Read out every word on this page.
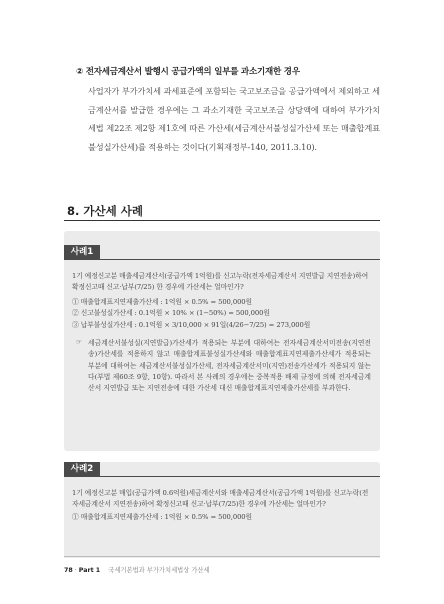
② 전자세금계산서 발행시 공급가액의 일부를 과소기재한 경우
사업자가 부가가치세 과세표준에 포함되는 국고보조금을 공급가액에서 제외하고 세금계산서를 발급한 경우에는 그 과소기재한 국고보조금 상당액에 대하여 부가가치세법 제22조 제2항 제1호에 따른 가산세(세금계산서불성실가산세 또는 매출합계표불성실가산세)를 적용하는 것이다(기획재정부-140, 2011.3.10).
8. 가산세 사례
사례1
1기 예정신고분 매출세금계산서(공급가액 1억원)를 신고누락(전자세금계산서 지연발급 지연전송)하여 확정신고때 신고·납부(7/25) 한 경우에 가산세는 얼마인가?
① 매출합계표지연제출가산세 : 1억원 × 0.5% = 500,000원
② 신고불성실가산세 : 0.1억원 × 10% × (1−50%) = 500,000원
③ 납부불성실가산세 : 0.1억원 × 3/10,000 × 91일(4/26−7/25) = 273,000원
☞ 세금계산서불성실(지연발급)가산세가 적용되는 부분에 대하여는 전자세금계산서미전송(지연전송)가산세를 적용하지 않고 매출합계표불성실가산세와 매출합계표지연제출가산세가 적용되는 부분에 대하여는 세금계산서불성실가산세, 전자세금계산서미(지연)전송가산세가 적용되지 않는다(부법 제60조 9항, 10항). 따라서 본 사례의 경우에는 중복적용 배제 규정에 의해 전자세금계산서 지연발급 또는 지연전송에 대한 가산세 대신 매출합계표지연제출가산세를 부과한다.
사례2
1기 예정신고분 매입(공급가액 0.6억원)세금계산서와 매출세금계산서(공급가액 1억원)를 신고누락(전자세금계산서 지연전송)하여 확정신고때 신고·납부(7/25)한 경우에 가산세는 얼마인가?
① 매출합계표지연제출가산세 : 1억원 × 0.5% = 500,000원
78 · Part 1 국세기본법과 부가가치세법상 가산세
